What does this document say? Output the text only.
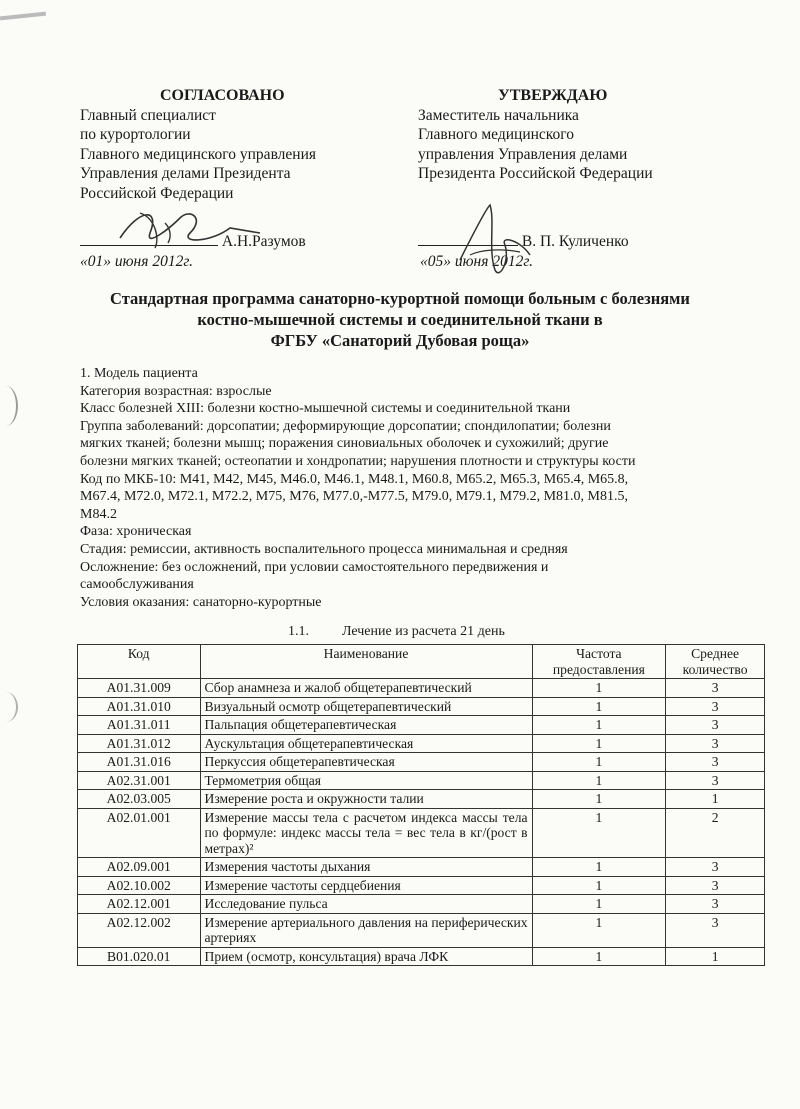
СОГЛАСОВАНО
Главный специалист
по курортологии
Главного медицинского управления
Управления делами Президента
Российской Федерации
А.Н.Разумов
«01» июня 2012г.
УТВЕРЖДАЮ
Заместитель начальника
Главного медицинского
управления Управления делами
Президента Российской Федерации
В. П. Куличенко
«05» июня 2012г.
Стандартная программа санаторно-курортной помощи больным с болезнями
костно-мышечной системы и соединительной ткани в
ФГБУ «Санаторий Дубовая роща»
1. Модель пациента
Категория возрастная: взрослые
Класс болезней XIII: болезни костно-мышечной системы и соединительной ткани
Группа заболеваний: дорсопатии; деформирующие дорсопатии; спондилопатии; болезни
мягких тканей; болезни мышц; поражения синовиальных оболочек и сухожилий; другие
болезни мягких тканей; остеопатии и хондропатии; нарушения плотности и структуры кости
Код по МКБ-10: М41, М42, М45, М46.0, М46.1, М48.1, М60.8, М65.2, М65.3, М65.4, М65.8,
М67.4, М72.0, М72.1, М72.2, М75, М76, М77.0,-М77.5, М79.0, М79.1, М79.2, М81.0, М81.5,
М84.2
Фаза: хроническая
Стадия: ремиссии, активность воспалительного процесса минимальная и средняя
Осложнение: без осложнений, при условии самостоятельного передвижения и
самообслуживания
Условия оказания: санаторно-курортные
1.1. Лечение из расчета 21 день
Код	Наименование	Частота предоставления	Среднее количество
А01.31.009	Сбор анамнеза и жалоб общетерапевтический	1	3
А01.31.010	Визуальный осмотр общетерапевтический	1	3
А01.31.011	Пальпация общетерапевтическая	1	3
А01.31.012	Аускультация общетерапевтическая	1	3
А01.31.016	Перкуссия общетерапевтическая	1	3
А02.31.001	Термометрия общая	1	3
А02.03.005	Измерение роста и окружности талии	1	1
А02.01.001	Измерение массы тела с расчетом индекса массы тела по формуле: индекс массы тела = вес тела в кг/(рост в метрах)²	1	2
А02.09.001	Измерения частоты дыхания	1	3
А02.10.002	Измерение частоты сердцебиения	1	3
А02.12.001	Исследование пульса	1	3
А02.12.002	Измерение артериального давления на периферических артериях	1	3
В01.020.01	Прием (осмотр, консультация) врача ЛФК	1	1
